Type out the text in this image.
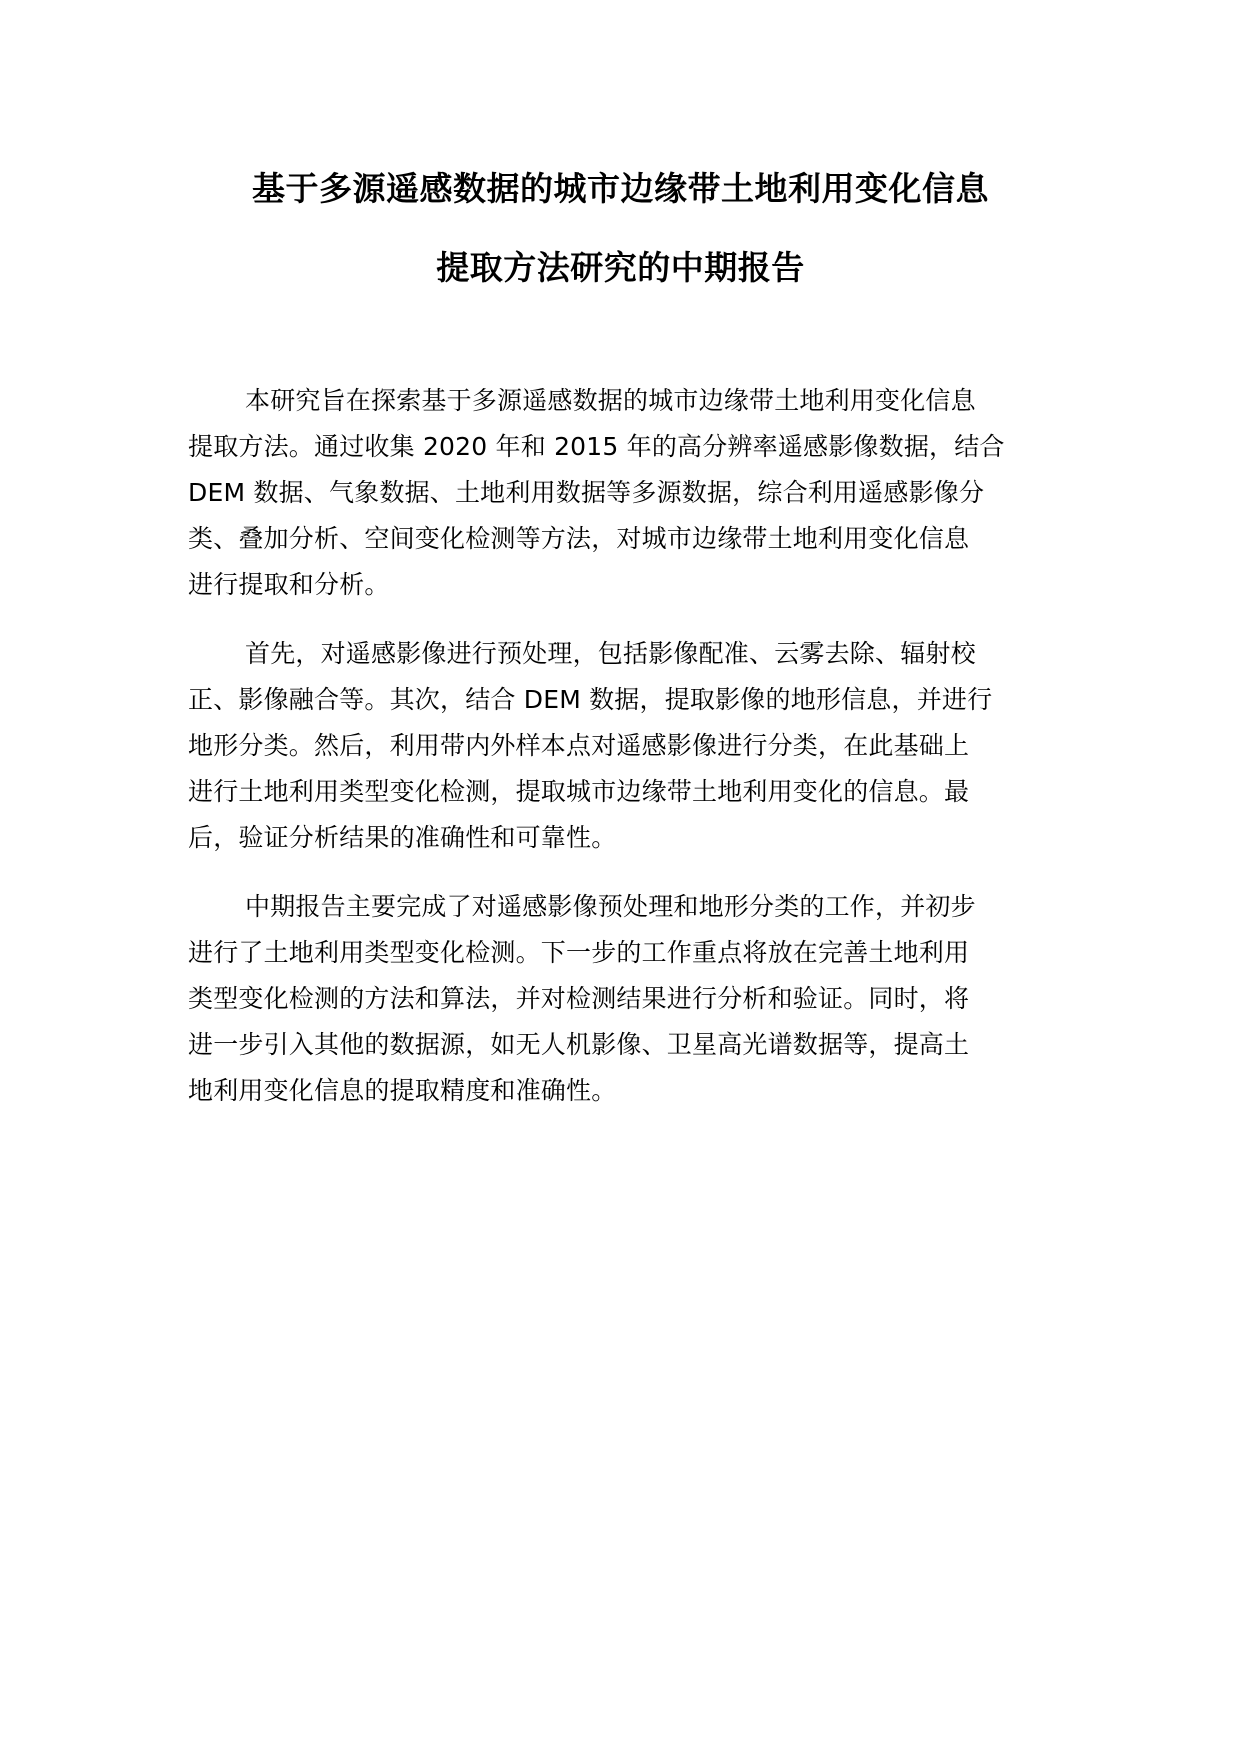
基于多源遥感数据的城市边缘带土地利用变化信息
提取方法研究的中期报告
本研究旨在探索基于多源遥感数据的城市边缘带土地利用变化信息
提取方法。通过收集 2020 年和 2015 年的高分辨率遥感影像数据，结合
DEM 数据、气象数据、土地利用数据等多源数据，综合利用遥感影像分
类、叠加分析、空间变化检测等方法，对城市边缘带土地利用变化信息
进行提取和分析。
首先，对遥感影像进行预处理，包括影像配准、云雾去除、辐射校
正、影像融合等。其次，结合 DEM 数据，提取影像的地形信息，并进行
地形分类。然后，利用带内外样本点对遥感影像进行分类，在此基础上
进行土地利用类型变化检测，提取城市边缘带土地利用变化的信息。最
后，验证分析结果的准确性和可靠性。
中期报告主要完成了对遥感影像预处理和地形分类的工作，并初步
进行了土地利用类型变化检测。下一步的工作重点将放在完善土地利用
类型变化检测的方法和算法，并对检测结果进行分析和验证。同时，将
进一步引入其他的数据源，如无人机影像、卫星高光谱数据等，提高土
地利用变化信息的提取精度和准确性。
